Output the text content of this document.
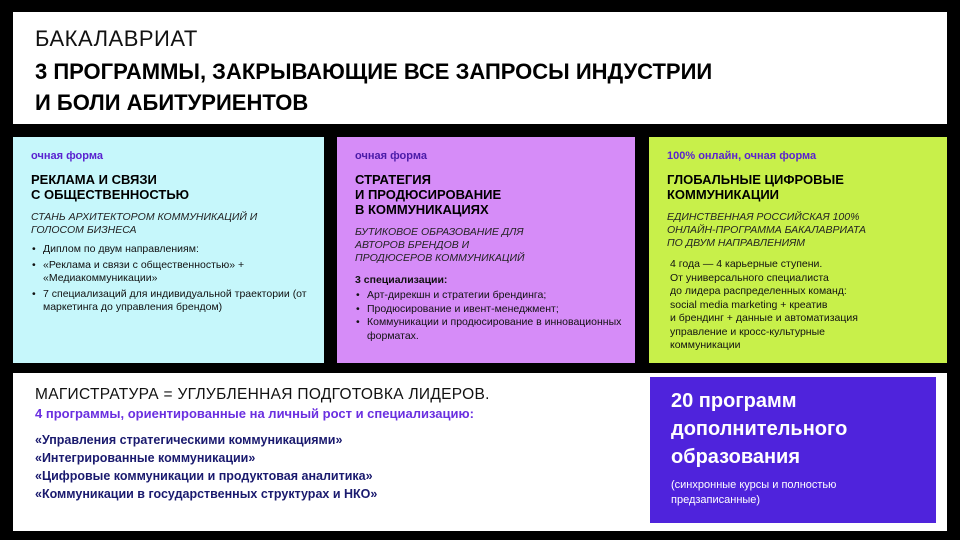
БАКАЛАВРИАТ
3 ПРОГРАММЫ, ЗАКРЫВАЮЩИЕ ВСЕ ЗАПРОСЫ ИНДУСТРИИ
И БОЛИ АБИТУРИЕНТОВ
очная форма
РЕКЛАМА И СВЯЗИ
С ОБЩЕСТВЕННОСТЬЮ
СТАНЬ АРХИТЕКТОРОМ КОММУНИКАЦИЙ И
ГОЛОСОМ БИЗНЕСА
• Диплом по двум направлениям:
• «Реклама и связи с общественностью» + «Медиакоммуникации»
• 7 специализаций для индивидуальной траектории (от маркетинга до управления брендом)
очная форма
СТРАТЕГИЯ
И ПРОДЮСИРОВАНИЕ
В КОММУНИКАЦИЯХ
БУТИКОВОЕ ОБРАЗОВАНИЕ ДЛЯ
АВТОРОВ БРЕНДОВ И
ПРОДЮСЕРОВ КОММУНИКАЦИЙ
3 специализации:
• Арт-дирекшн и стратегии брендинга;
• Продюсирование и ивент-менеджмент;
• Коммуникации и продюсирование в инновационных форматах.
100% онлайн, очная форма
ГЛОБАЛЬНЫЕ ЦИФРОВЫЕ
КОММУНИКАЦИИ
ЕДИНСТВЕННАЯ РОССИЙСКАЯ 100%
ОНЛАЙН-ПРОГРАММА БАКАЛАВРИАТА
ПО ДВУМ НАПРАВЛЕНИЯМ
4 года — 4 карьерные ступени.
От универсального специалиста
до лидера распределенных команд:
social media marketing + креатив
и брендинг + данные и автоматизация
управление и кросс-культурные
коммуникации
МАГИСТРАТУРА = УГЛУБЛЕННАЯ ПОДГОТОВКА ЛИДЕРОВ.
4 программы, ориентированные на личный рост и специализацию:
«Управления стратегическими коммуникациями»
«Интегрированные коммуникации»
«Цифровые коммуникации и продуктовая аналитика»
«Коммуникации в государственных структурах и НКО»
20 программ
дополнительного
образования
(синхронные курсы и полностью
предзаписанные)
